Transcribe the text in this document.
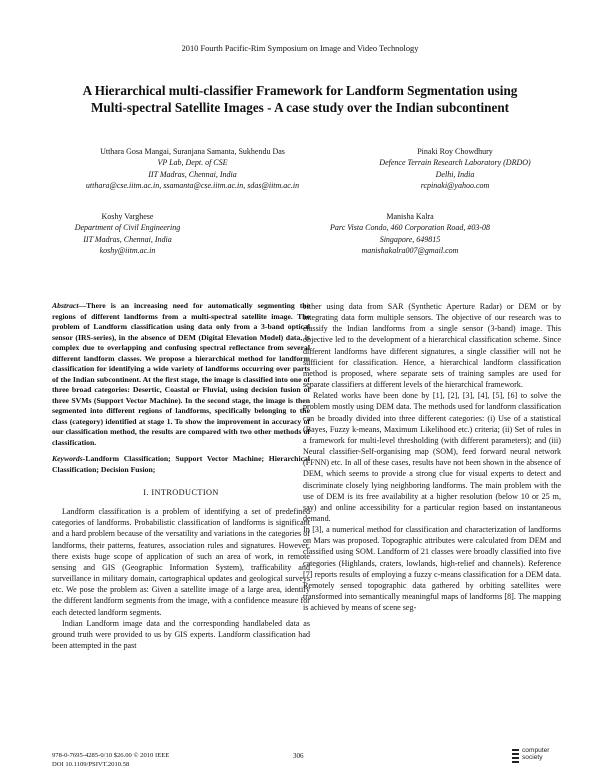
2010 Fourth Pacific-Rim Symposium on Image and Video Technology
A Hierarchical multi-classifier Framework for Landform Segmentation using
Multi-spectral Satellite Images - A case study over the Indian subcontinent
Utthara Gosa Mangai, Suranjana Samanta, Sukhendu Das
VP Lab, Dept. of CSE
IIT Madras, Chennai, India
utthara@cse.iitm.ac.in, ssamanta@cse.iitm.ac.in, sdas@iitm.ac.in
Pinaki Roy Chowdhury
Defence Terrain Research Laboratory (DRDO)
Delhi, India
rcpinaki@yahoo.com
Koshy Varghese
Department of Civil Engineering
IIT Madras, Chennai, India
koshy@iitm.ac.in
Manisha Kalra
Parc Vista Condo, 460 Corporation Road, #03-08
Singapore, 649815
manishakalra007@gmail.com

Abstract—There is an increasing need for automatically segmenting the regions of different landforms from a multi-spectral satellite image. The problem of Landform classification using data only from a 3-band optical sensor (IRS-series), in the absence of DEM (Digital Elevation Model) data, is complex due to overlapping and confusing spectral reflectance from several different landform classes. We propose a hierarchical method for landform classification for identifying a wide variety of landforms occurring over parts of the Indian subcontinent. At the first stage, the image is classified into one of three broad categories: Desertic, Coastal or Fluvial, using decision fusion of three SVMs (Support Vector Machine). In the second stage, the image is then segmented into different regions of landforms, specifically belonging to the class (category) identified at stage 1. To show the improvement in accuracy of our classification method, the results are compared with two other methods of classification.

Keywords-Landform Classification; Support Vector Machine; Hierarchical Classification; Decision Fusion;

I. INTRODUCTION

Landform classification is a problem of identifying a set of predefined categories of landforms. Probabilistic classification of landforms is significant and a hard problem because of the versatility and variations in the categories of landforms, their patterns, features, association rules and signatures. However, there exists huge scope of application of such an area of work, in remote sensing and GIS (Geographic Information System), trafficability and surveillance in military domain, cartographical updates and geological surveys etc. We pose the problem as: Given a satellite image of a large area, identify the different landform segments from the image, with a confidence measure for each detected landform segments.

Indian Landform image data and the corresponding handlabeled data as ground truth were provided to us by GIS experts. Landform classification had been attempted in the past

either using data from SAR (Synthetic Aperture Radar) or DEM or by integrating data form multiple sensors. The objective of our research was to classify the Indian landforms from a single sensor (3-band) image. This objective led to the development of a hierarchical classification scheme. Since different landforms have different signatures, a single classifier will not be sufficient for classification. Hence, a hierarchical landform classification method is proposed, where separate sets of training samples are used for separate classifiers at different levels of the hierarchical framework.

Related works have been done by [1], [2], [3], [4], [5], [6] to solve the problem mostly using DEM data. The methods used for landform classification can be broadly divided into three different categories: (i) Use of a statistical (Bayes, Fuzzy k-means, Maximum Likelihood etc.) criteria; (ii) Set of rules in a framework for multi-level thresholding (with different parameters); and (iii) Neural classifier-Self-organising map (SOM), feed forward neural network (FFNN) etc. In all of these cases, results have not been shown in the absence of DEM, which seems to provide a strong clue for visual experts to detect and discriminate closely lying neighboring landforms. The main problem with the use of DEM is its free availability at a higher resolution (below 10 or 25 m, say) and online accessibility for a particular region based on instantaneous demand.

In [3], a numerical method for classification and characterization of landforms on Mars was proposed. Topographic attributes were calculated from DEM and classified using SOM. Landform of 21 classes were broadly classified into five categories (Highlands, craters, lowlands, high-relief and channels). Reference [7] reports results of employing a fuzzy c-means classification for a DEM data. Remotely sensed topographic data gathered by orbiting satellites were transformed into semantically meaningful maps of landforms [8]. The mapping is achieved by means of scene seg-

978-0-7695-4285-0/10 $26.00 © 2010 IEEE
DOI 10.1109/PSIVT.2010.58
306
computer
society
